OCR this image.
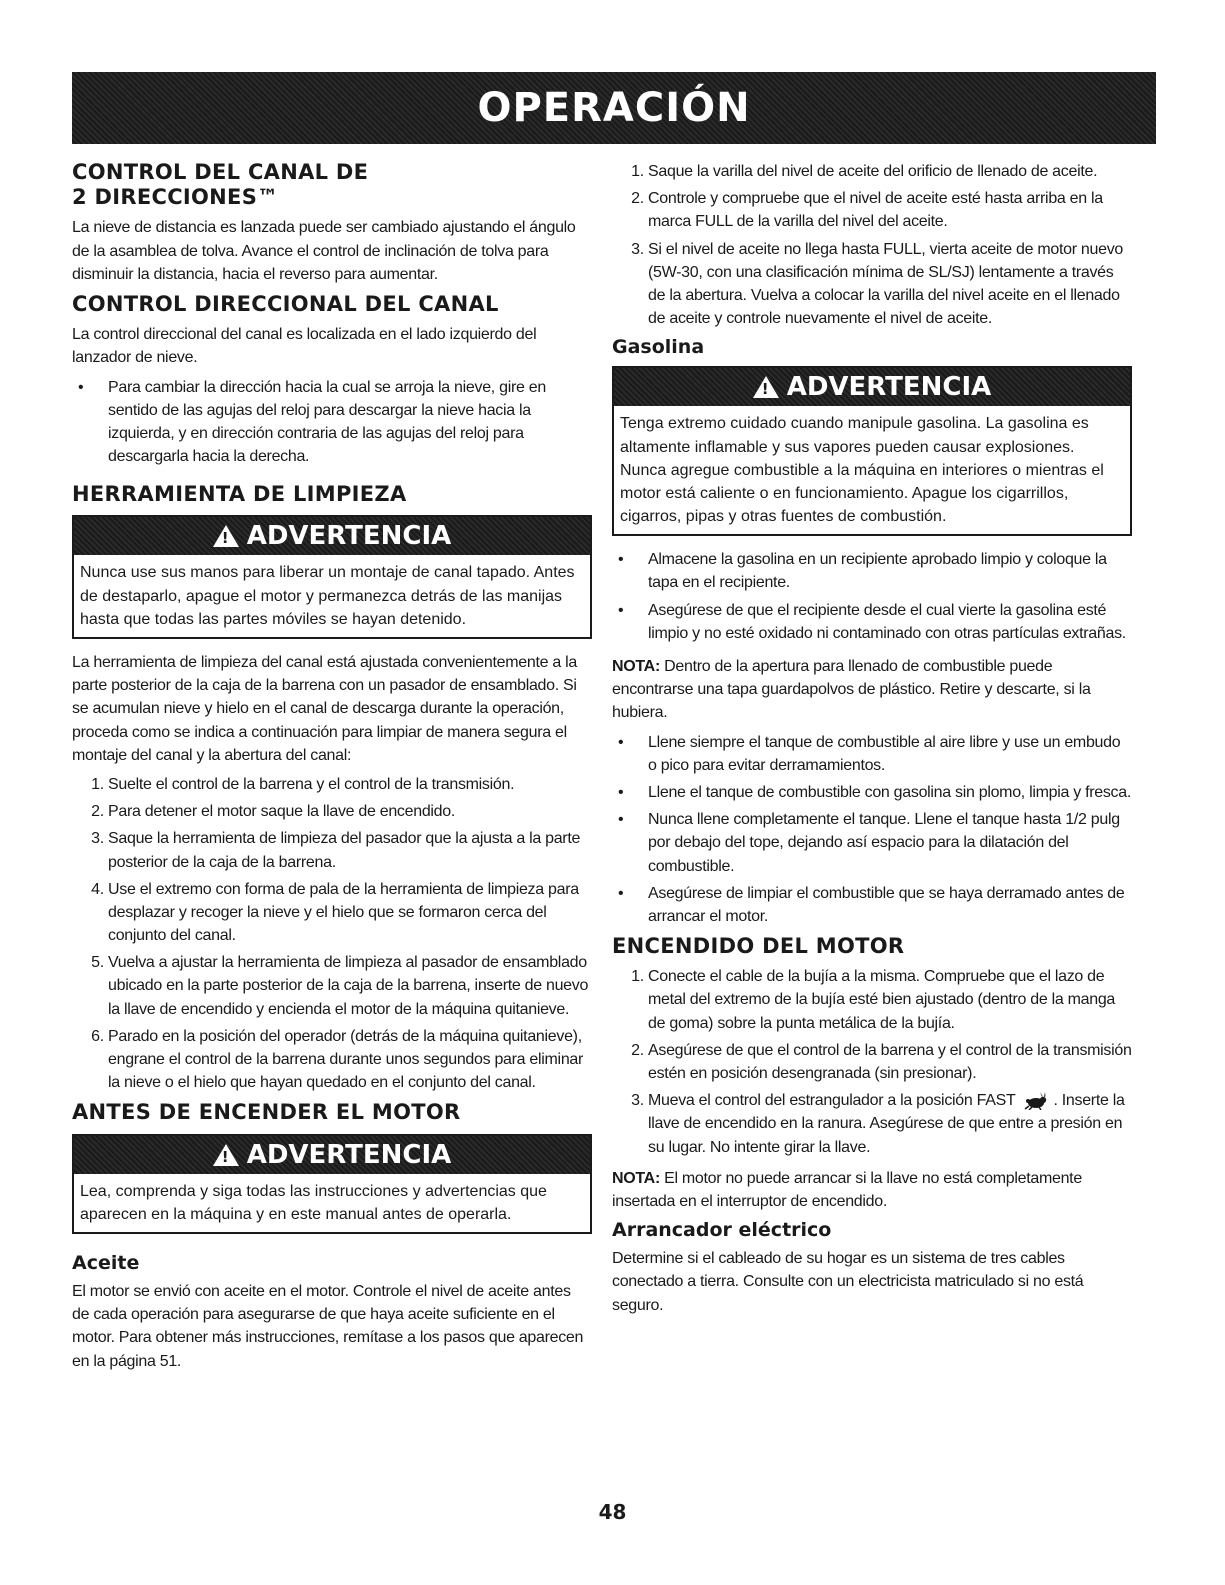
OPERACIÓN
CONTROL DEL CANAL DE
2 DIRECCIONES™

La nieve de distancia es lanzada puede ser cambiado ajustando el ángulo de la asamblea de tolva. Avance el control de inclinación de tolva para disminuir la distancia, hacia el reverso para aumentar.

CONTROL DIRECCIONAL DEL CANAL

La control direccional del canal es localizada en el lado izquierdo del lanzador de nieve.

• Para cambiar la dirección hacia la cual se arroja la nieve, gire en sentido de las agujas del reloj para descargar la nieve hacia la izquierda, y en dirección contraria de las agujas del reloj para descargarla hacia la derecha.
HERRAMIENTA DE LIMPIEZA
!
ADVERTENCIA
Nunca use sus manos para liberar un montaje de canal tapado. Antes de destaparlo, apague el motor y permanezca detrás de las manijas hasta que todas las partes móviles se hayan detenido.

La herramienta de limpieza del canal está ajustada convenientemente a la parte posterior de la caja de la barrena con un pasador de ensamblado. Si se acumulan nieve y hielo en el canal de descarga durante la operación, proceda como se indica a continuación para limpiar de manera segura el montaje del canal y la abertura del canal:

1. Suelte el control de la barrena y el control de la transmisión.
2. Para detener el motor saque la llave de encendido.
3. Saque la herramienta de limpieza del pasador que la ajusta a la parte posterior de la caja de la barrena.
4. Use el extremo con forma de pala de la herramienta de limpieza para desplazar y recoger la nieve y el hielo que se formaron cerca del conjunto del canal.
5. Vuelva a ajustar la herramienta de limpieza al pasador de ensamblado ubicado en la parte posterior de la caja de la barrena, inserte de nuevo la llave de encendido y encienda el motor de la máquina quitanieve.
6. Parado en la posición del operador (detrás de la máquina quitanieve), engrane el control de la barrena durante unos segundos para eliminar la nieve o el hielo que hayan quedado en el conjunto del canal.
ANTES DE ENCENDER EL MOTOR
!
ADVERTENCIA
Lea, comprenda y siga todas las instrucciones y advertencias que aparecen en la máquina y en este manual antes de operarla.
Aceite

El motor se envió con aceite en el motor. Controle el nivel de aceite antes de cada operación para asegurarse de que haya aceite suficiente en el motor. Para obtener más instrucciones, remítase a los pasos que aparecen en la página 51.

1. Saque la varilla del nivel de aceite del orificio de llenado de aceite.
2. Controle y compruebe que el nivel de aceite esté hasta arriba en la marca FULL de la varilla del nivel del aceite.
3. Si el nivel de aceite no llega hasta FULL, vierta aceite de motor nuevo (5W-30, con una clasificación mínima de SL/SJ) lentamente a través de la abertura. Vuelva a colocar la varilla del nivel aceite en el llenado de aceite y controle nuevamente el nivel de aceite.
Gasolina
!
ADVERTENCIA
Tenga extremo cuidado cuando manipule gasolina. La gasolina es altamente inflamable y sus vapores pueden causar explosiones. Nunca agregue combustible a la máquina en interiores o mientras el motor está caliente o en funcionamiento. Apague los cigarrillos, cigarros, pipas y otras fuentes de combustión.
• Almacene la gasolina en un recipiente aprobado limpio y coloque la tapa en el recipiente.
• Asegúrese de que el recipiente desde el cual vierte la gasolina esté limpio y no esté oxidado ni contaminado con otras partículas extrañas.

NOTA: Dentro de la apertura para llenado de combustible puede encontrarse una tapa guardapolvos de plástico. Retire y descarte, si la hubiera.

• Llene siempre el tanque de combustible al aire libre y use un embudo o pico para evitar derramamientos.
• Llene el tanque de combustible con gasolina sin plomo, limpia y fresca.
• Nunca llene completamente el tanque. Llene el tanque hasta 1/2 pulg por debajo del tope, dejando así espacio para la dilatación del combustible.
• Asegúrese de limpiar el combustible que se haya derramado antes de arrancar el motor.
ENCENDIDO DEL MOTOR
1. Conecte el cable de la bujía a la misma. Compruebe que el lazo de metal del extremo de la bujía esté bien ajustado (dentro de la manga de goma) sobre la punta metálica de la bujía.
2. Asegúrese de que el control de la barrena y el control de la transmisión estén en posición desengranada (sin presionar).
3. Mueva el control del estrangulador a la posición FAST  . Inserte la llave de encendido en la ranura. Asegúrese de que entre a presión en su lugar. No intente girar la llave.

NOTA: El motor no puede arrancar si la llave no está completamente insertada en el interruptor de encendido.

Arrancador eléctrico

Determine si el cableado de su hogar es un sistema de tres cables conectado a tierra. Consulte con un electricista matriculado si no está seguro.

48
